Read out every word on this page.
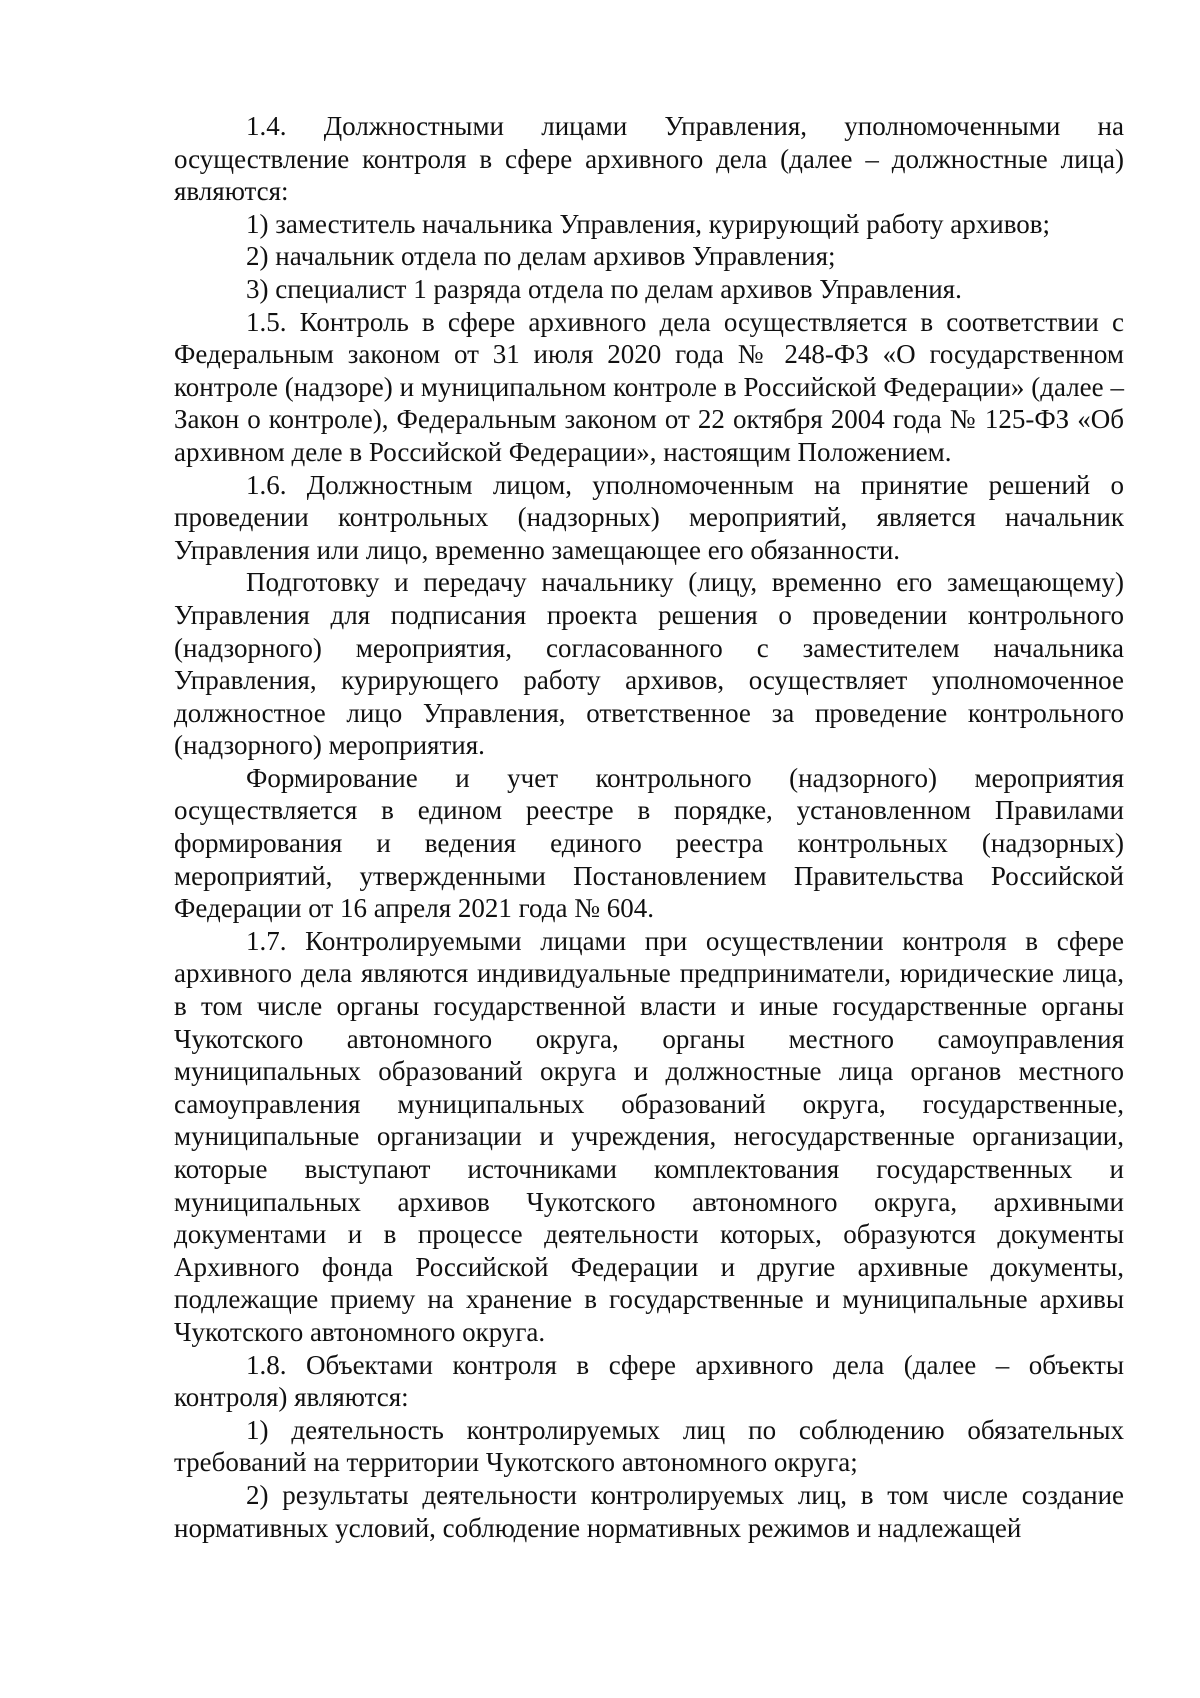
1.4. Должностными лицами Управления, уполномоченными на осуществление контроля в сфере архивного дела (далее – должностные лица) являются:

1) заместитель начальника Управления, курирующий работу архивов;

2) начальник отдела по делам архивов Управления;

3) специалист 1 разряда отдела по делам архивов Управления.

1.5. Контроль в сфере архивного дела осуществляется в соответствии с Федеральным законом от 31 июля 2020 года № 248-ФЗ «О государственном контроле (надзоре) и муниципальном контроле в Российской Федерации» (далее – Закон о контроле), Федеральным законом от 22 октября 2004 года № 125-ФЗ «Об архивном деле в Российской Федерации», настоящим Положением.

1.6. Должностным лицом, уполномоченным на принятие решений о проведении контрольных (надзорных) мероприятий, является начальник Управления или лицо, временно замещающее его обязанности.

Подготовку и передачу начальнику (лицу, временно его замещающему) Управления для подписания проекта решения о проведении контрольного (надзорного) мероприятия, согласованного с заместителем начальника Управления, курирующего работу архивов, осуществляет уполномоченное должностное лицо Управления, ответственное за проведение контрольного (надзорного) мероприятия.

Формирование и учет контрольного (надзорного) мероприятия осуществляется в едином реестре в порядке, установленном Правилами формирования и ведения единого реестра контрольных (надзорных) мероприятий, утвержденными Постановлением Правительства Российской Федерации от 16 апреля 2021 года № 604.

1.7. Контролируемыми лицами при осуществлении контроля в сфере архивного дела являются индивидуальные предприниматели, юридические лица, в том числе органы государственной власти и иные государственные органы Чукотского автономного округа, органы местного самоуправления муниципальных образований округа и должностные лица органов местного самоуправления муниципальных образований округа, государственные, муниципальные организации и учреждения, негосударственные организации, которые выступают источниками комплектования государственных и муниципальных архивов Чукотского автономного округа, архивными документами и в процессе деятельности которых, образуются документы Архивного фонда Российской Федерации и другие архивные документы, подлежащие приему на хранение в государственные и муниципальные архивы Чукотского автономного округа.

1.8. Объектами контроля в сфере архивного дела (далее – объекты контроля) являются:

1) деятельность контролируемых лиц по соблюдению обязательных требований на территории Чукотского автономного округа;

2) результаты деятельности контролируемых лиц, в том числе создание нормативных условий, соблюдение нормативных режимов и надлежащей
